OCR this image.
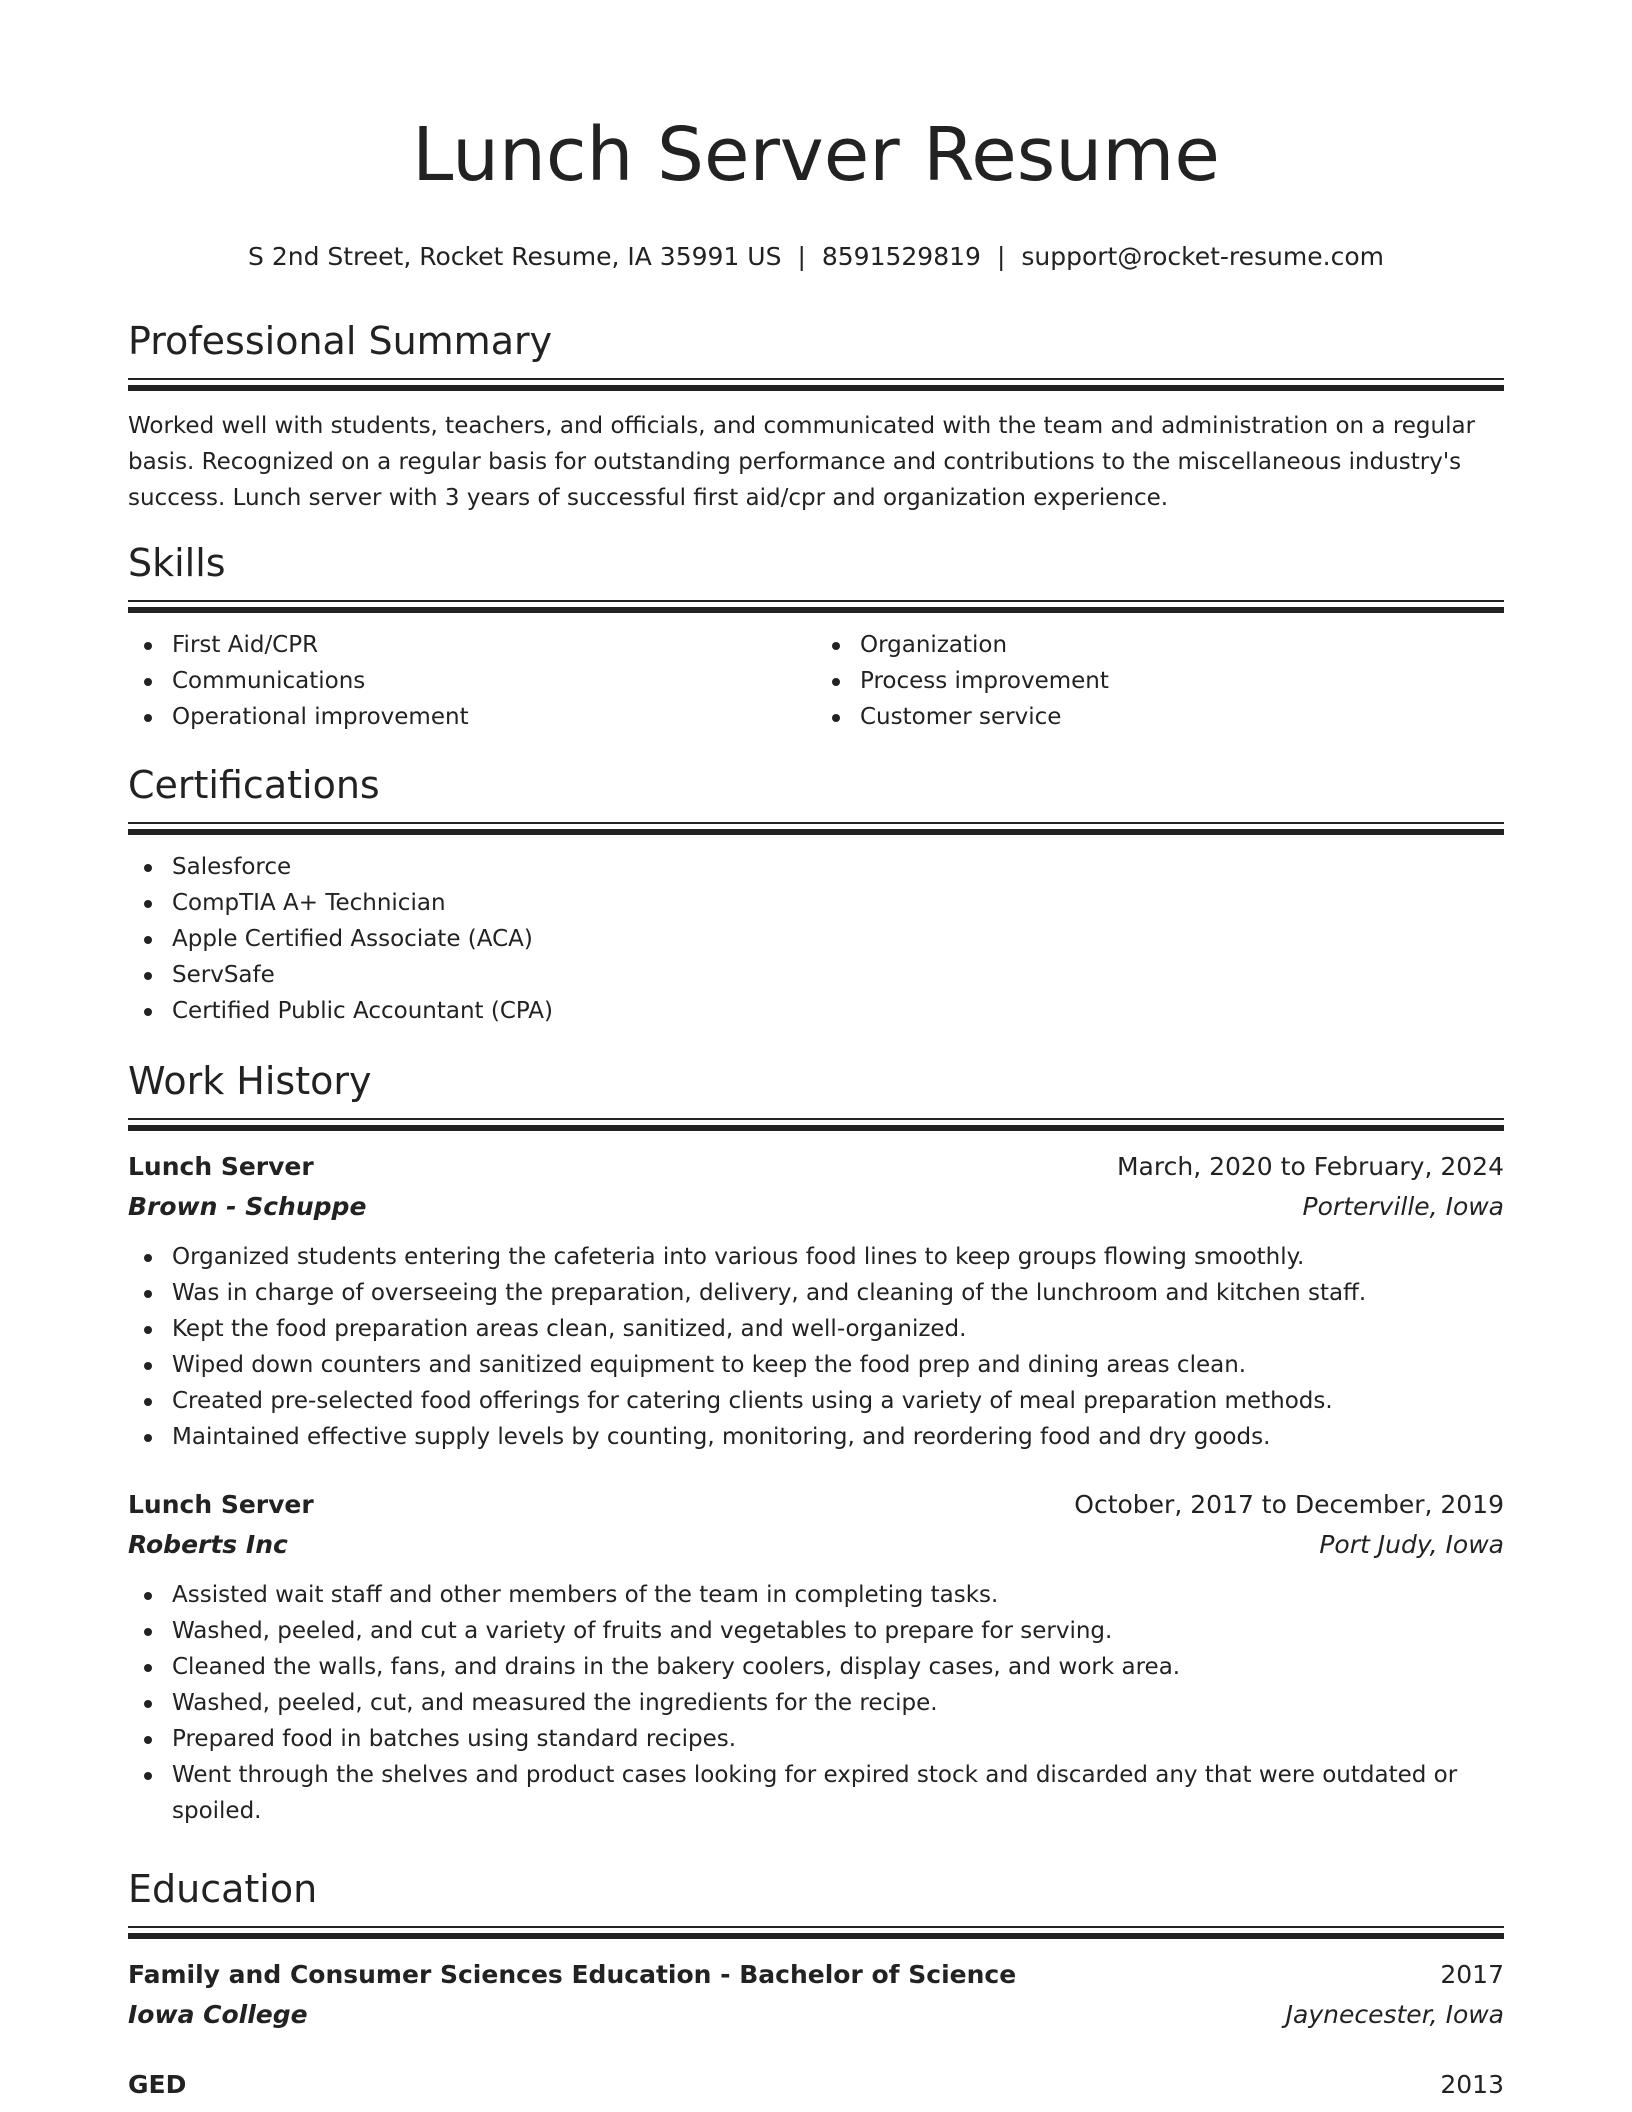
Lunch Server Resume
S 2nd Street, Rocket Resume, IA 35991 US | 8591529819 | support@rocket-resume.com
Professional Summary

Worked well with students, teachers, and officials, and communicated with the team and administration on a regular basis. Recognized on a regular basis for outstanding performance and contributions to the miscellaneous industry's success. Lunch server with 3 years of successful first aid/cpr and organization experience.

Skills
First Aid/CPR
Communications
Operational improvement
Organization
Process improvement
Customer service
Certifications
Salesforce
CompTIA A+ Technician
Apple Certified Associate (ACA)
ServSafe
Certified Public Accountant (CPA)
Work History
Lunch Server	March, 2020 to February, 2024
Brown - Schuppe	Porterville, Iowa
Organized students entering the cafeteria into various food lines to keep groups flowing smoothly.
Was in charge of overseeing the preparation, delivery, and cleaning of the lunchroom and kitchen staff.
Kept the food preparation areas clean, sanitized, and well-organized.
Wiped down counters and sanitized equipment to keep the food prep and dining areas clean.
Created pre-selected food offerings for catering clients using a variety of meal preparation methods.
Maintained effective supply levels by counting, monitoring, and reordering food and dry goods.
Lunch Server	October, 2017 to December, 2019
Roberts Inc	Port Judy, Iowa
Assisted wait staff and other members of the team in completing tasks.
Washed, peeled, and cut a variety of fruits and vegetables to prepare for serving.
Cleaned the walls, fans, and drains in the bakery coolers, display cases, and work area.
Washed, peeled, cut, and measured the ingredients for the recipe.
Prepared food in batches using standard recipes.
Went through the shelves and product cases looking for expired stock and discarded any that were outdated or spoiled.
Education
Family and Consumer Sciences Education - Bachelor of Science	2017
Iowa College	Jaynecester, Iowa
GED	2013
